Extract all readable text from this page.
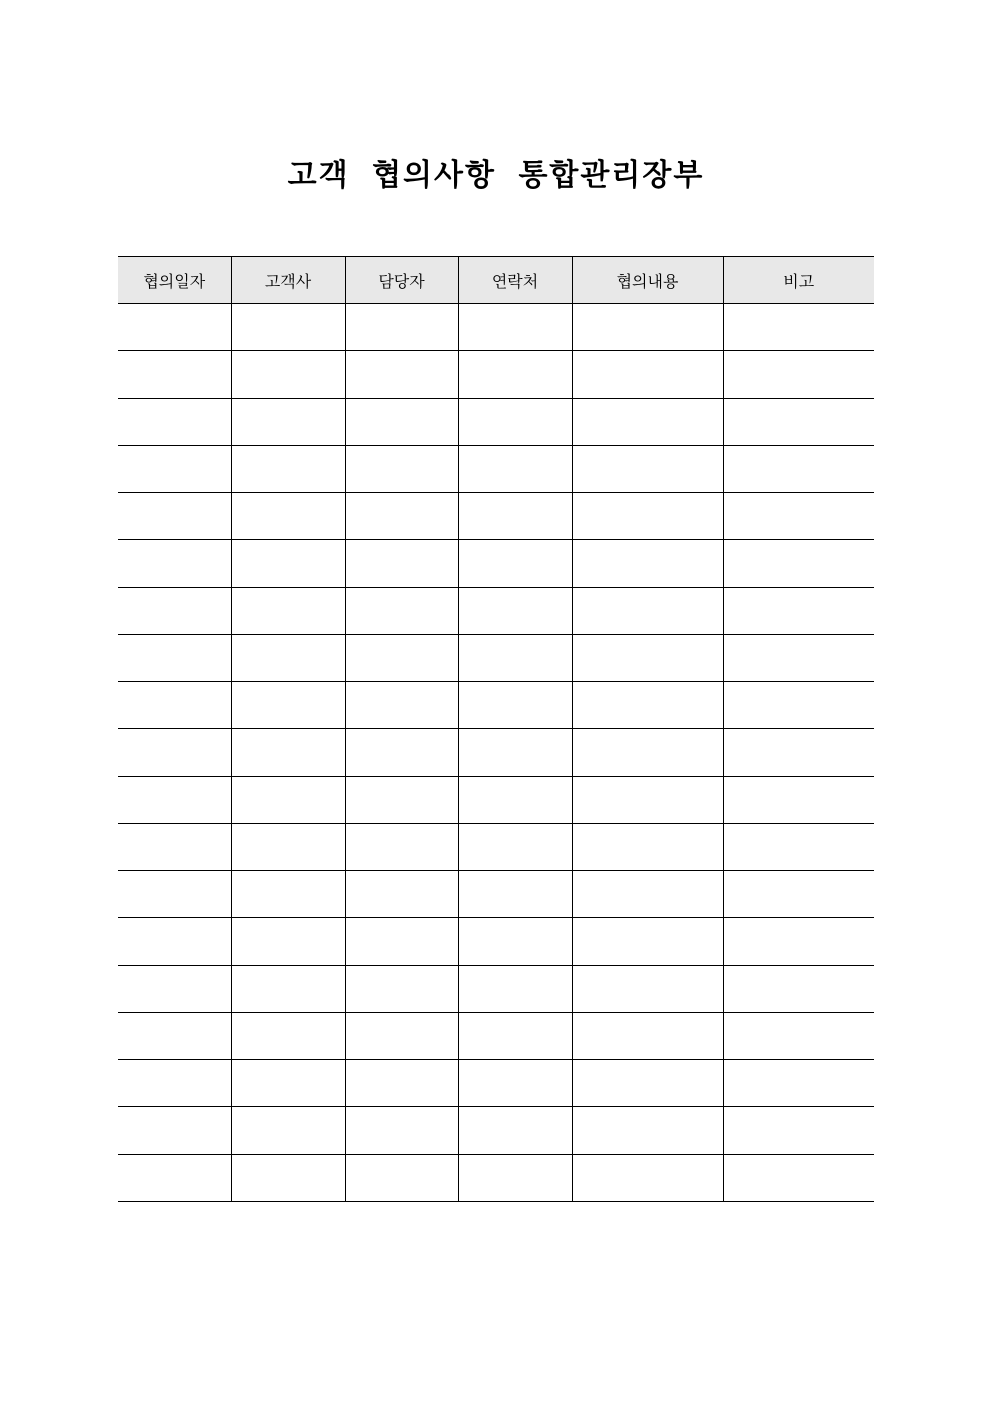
고객 협의사항 통합관리장부
협의일자	고객사	담당자	연락처	협의내용	비고
